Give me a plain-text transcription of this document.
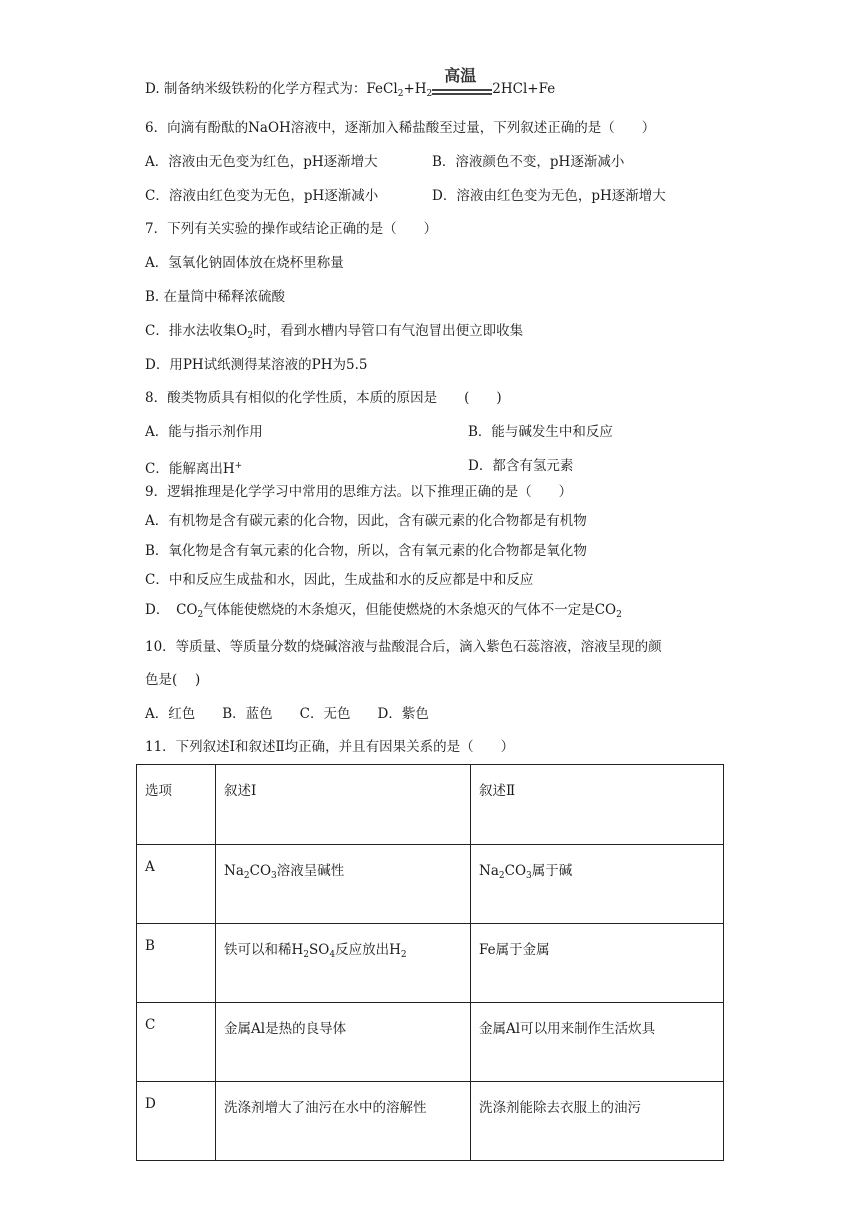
D. 制备纳米级铁粉的化学方程式为：$FeCl_2+H_2$
高温
2HCl+Fe
6．向滴有酚酞的NaOH溶液中，逐渐加入稀盐酸至过量，下列叙述正确的是（　　）
A．溶液由无色变为红色，pH逐渐增大	B．溶液颜色不变，pH逐渐减小
C．溶液由红色变为无色，pH逐渐减小	D．溶液由红色变为无色，pH逐渐增大
7．下列有关实验的操作或结论正确的是（　　）
A．氢氧化钠固体放在烧杯里称量
B. 在量筒中稀释浓硫酸
C．排水法收集$O_2$时，看到水槽内导管口有气泡冒出便立即收集
D．用PH试纸测得某溶液的PH为5.5
8．酸类物质具有相似的化学性质，本质的原因是　　(　　)
A．能与指示剂作用	B．能与碱发生中和反应
C．能解离出H+	D．都含有氢元素
9．逻辑推理是化学学习中常用的思维方法。以下推理正确的是（　　）
A．有机物是含有碳元素的化合物，因此，含有碳元素的化合物都是有机物
B．氧化物是含有氧元素的化合物，所以，含有氧元素的化合物都是氧化物
C．中和反应生成盐和水，因此，生成盐和水的反应都是中和反应
D．　$CO_2$气体能使燃烧的木条熄灭，但能使燃烧的木条熄灭的气体不一定是$CO_2$
10．等质量、等质量分数的烧碱溶液与盐酸混合后，滴入紫色石蕊溶液，溶液呈现的颜
色是(　 )
A．红色　　B．蓝色　　C．无色　　D．紫色
11．下列叙述Ⅰ和叙述Ⅱ均正确，并且有因果关系的是（　　）
选项	叙述Ⅰ	叙述Ⅱ
A	$Na_2CO_3$溶液呈碱性	$Na_2CO_3$属于碱
B	铁可以和稀$H_2SO_4$反应放出$H_2$	Fe属于金属
C	金属Al是热的良导体	金属Al可以用来制作生活炊具
D	洗涤剂增大了油污在水中的溶解性	洗涤剂能除去衣服上的油污
